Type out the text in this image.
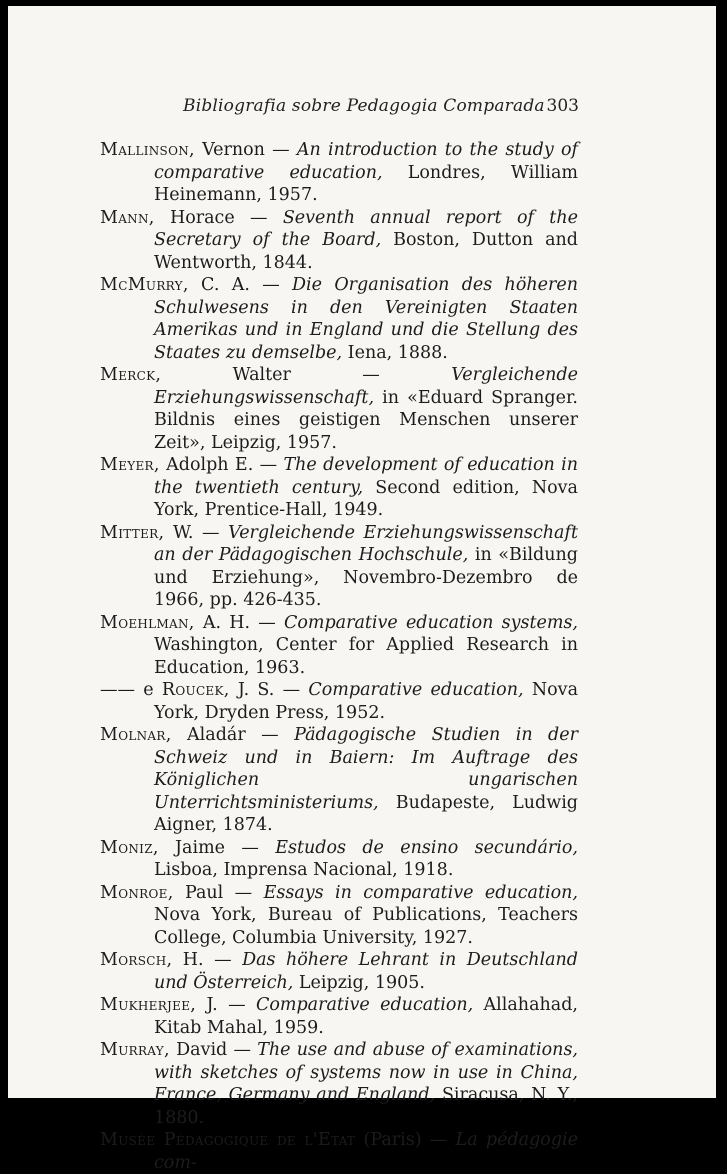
Bibliografia sobre Pedagogia Comparada 303

Mallinson, Vernon — An introduction to the study of comparative education, Londres, William Heinemann, 1957.

Mann, Horace — Seventh annual report of the Secretary of the Board, Boston, Dutton and Wentworth, 1844.

McMurry, C. A. — Die Organisation des höheren Schulwesens in den Vereinigten Staaten Amerikas und in England und die Stellung des Staates zu demselbe, Iena, 1888.

Merck,	Walter —	Vergleichende Erziehungswissenschaft, in «Eduard Spranger. Bildnis eines geistigen Menschen unserer Zeit», Leipzig, 1957.

Meyer, Adolph E. — The development of education in the twentieth century, Second edition, Nova York, Prentice-Hall, 1949.

Mitter, W. — Vergleichende Erziehungswissenschaft an der Pädagogischen Hochschule, in «Bildung und Erziehung», Novembro-Dezembro de 1966, pp. 426-435.

Moehlman, A. H. — Comparative education systems, Washington, Center for Applied Research in Education, 1963.

—— e Roucek, J. S. — Comparative education, Nova York, Dryden Press, 1952.

Molnar, Aladár — Pädagogische Studien in der Schweiz und in Baiern: Im Auftrage des Königlichen ungarischen Unterrichtsministeriums, Budapeste, Ludwig Aigner, 1874.

Moniz, Jaime — Estudos de ensino secundário, Lisboa, Imprensa Nacional, 1918.

Monroe, Paul — Essays in comparative education, Nova York, Bureau of Publications, Teachers College, Columbia University, 1927.

Morsch, H. — Das höhere Lehrant in Deutschland und Österreich, Leipzig, 1905.

Mukherjee, J. — Comparative education, Allahahad, Kitab Mahal, 1959.

Murray, David — The use and abuse of examinations, with sketches of systems now in use in China, France, Germany and England, Siracusa, N. Y., 1880.

Musée Pédagogique de l'Etat (Paris) — La pédagogie com-
